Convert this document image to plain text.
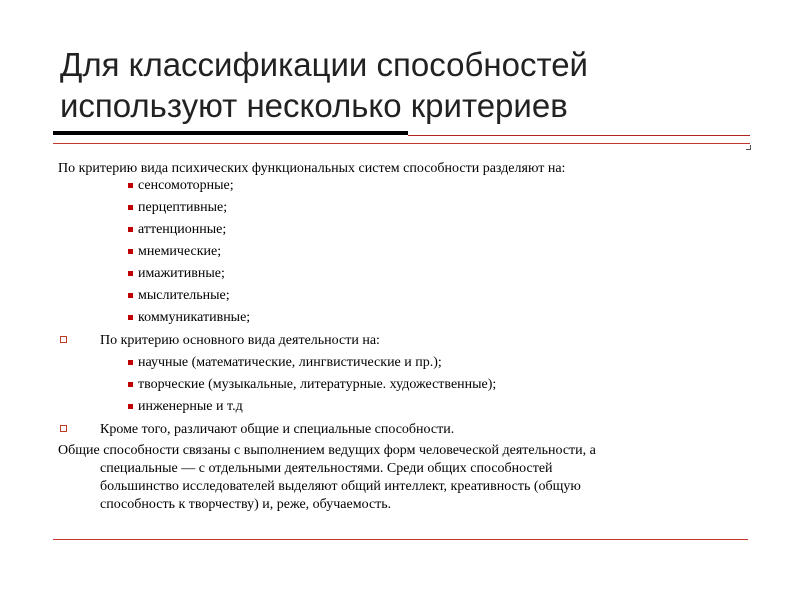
Для классификации способностей
используют несколько критериев
По критерию вида психических функциональных систем способности разделяют на:
сенсомоторные;
перцептивные;
аттенционные;
мнемические;
имажитивные;
мыслительные;
коммуникативные;
По критерию основного вида деятельности на:
научные (математические, лингвистические и пр.);
творческие (музыкальные, литературные. художественные);
инженерные и т.д
Кроме того, различают общие и специальные способности.
Общие способности связаны с выполнением ведущих форм человеческой деятельности, а
специальные — с отдельными деятельностями. Среди общих способностей
большинство исследователей выделяют общий интеллект, креативность (общую
способность к творчеству) и, реже, обучаемость.
